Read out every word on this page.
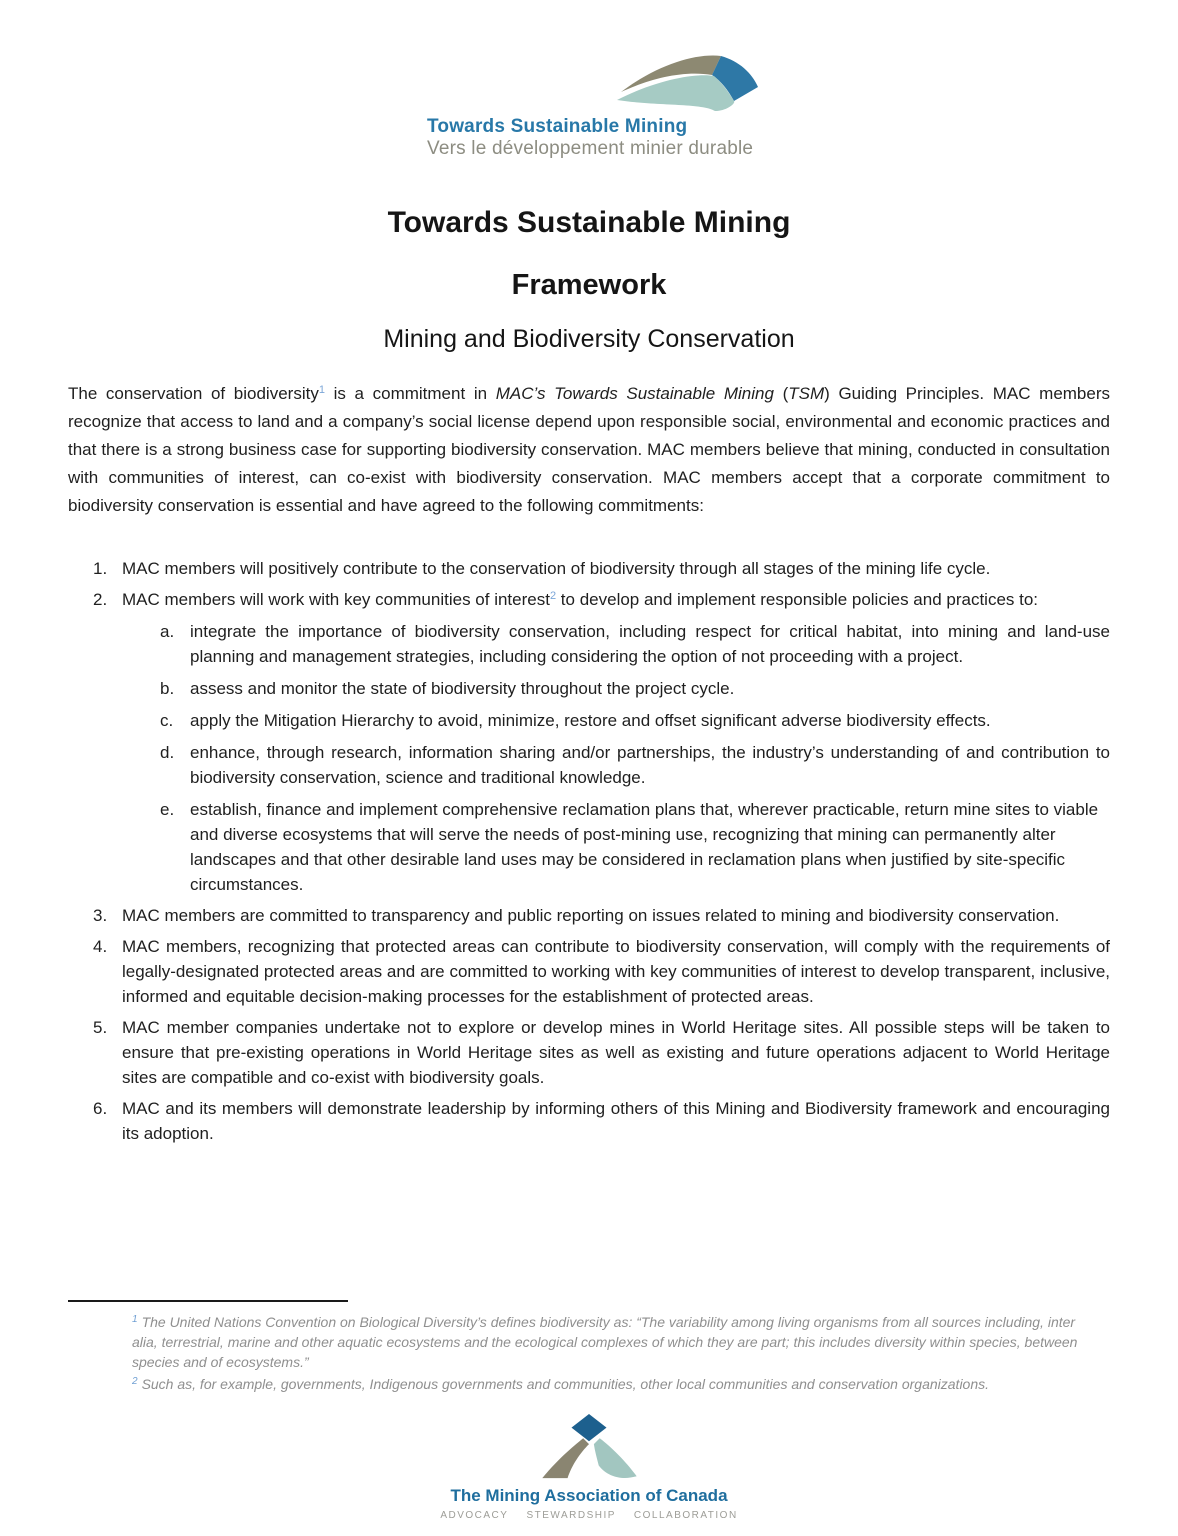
Towards Sustainable Mining
Vers le développement minier durable
Towards Sustainable Mining
Framework
Mining and Biodiversity Conservation

The conservation of biodiversity$^1$ is a commitment in MAC’s Towards Sustainable Mining (TSM) Guiding Principles. MAC members recognize that access to land and a company’s social license depend upon responsible social, environmental and economic practices and that there is a strong business case for supporting biodiversity conservation. MAC members believe that mining, conducted in consultation with communities of interest, can co-exist with biodiversity conservation. MAC members accept that a corporate commitment to biodiversity conservation is essential and have agreed to the following commitments:

1. MAC members will positively contribute to the conservation of biodiversity through all stages of the mining life cycle.
2. MAC members will work with key communities of interest$^2$ to develop and implement responsible policies and practices to:

a. integrate the importance of biodiversity conservation, including respect for critical habitat, into mining and land-use planning and management strategies, including considering the option of not proceeding with a project.
b. assess and monitor the state of biodiversity throughout the project cycle.
c. apply the Mitigation Hierarchy to avoid, minimize, restore and offset significant adverse biodiversity effects.
d. enhance, through research, information sharing and/or partnerships, the industry’s understanding of and contribution to biodiversity conservation, science and traditional knowledge.
e. establish, finance and implement comprehensive reclamation plans that, wherever practicable, return mine sites to viable and diverse ecosystems that will serve the needs of post-mining use, recognizing that mining can permanently alter landscapes and that other desirable land uses may be considered in reclamation plans when justified by site-specific circumstances.
3. MAC members are committed to transparency and public reporting on issues related to mining and biodiversity conservation.
4. MAC members, recognizing that protected areas can contribute to biodiversity conservation, will comply with the requirements of legally-designated protected areas and are committed to working with key communities of interest to develop transparent, inclusive, informed and equitable decision-making processes for the establishment of protected areas.
5. MAC member companies undertake not to explore or develop mines in World Heritage sites. All possible steps will be taken to ensure that pre-existing operations in World Heritage sites as well as existing and future operations adjacent to World Heritage sites are compatible and co-exist with biodiversity goals.
6. MAC and its members will demonstrate leadership by informing others of this Mining and Biodiversity framework and encouraging its adoption.

$^1$ The United Nations Convention on Biological Diversity’s defines biodiversity as: “The variability among living organisms from all sources including, inter alia, terrestrial, marine and other aquatic ecosystems and the ecological complexes of which they are part; this includes diversity within species, between species and of ecosystems.”

$^2$ Such as, for example, governments, Indigenous governments and communities, other local communities and conservation organizations.

The Mining Association of Canada

ADVOCACY STEWARDSHIP COLLABORATION
